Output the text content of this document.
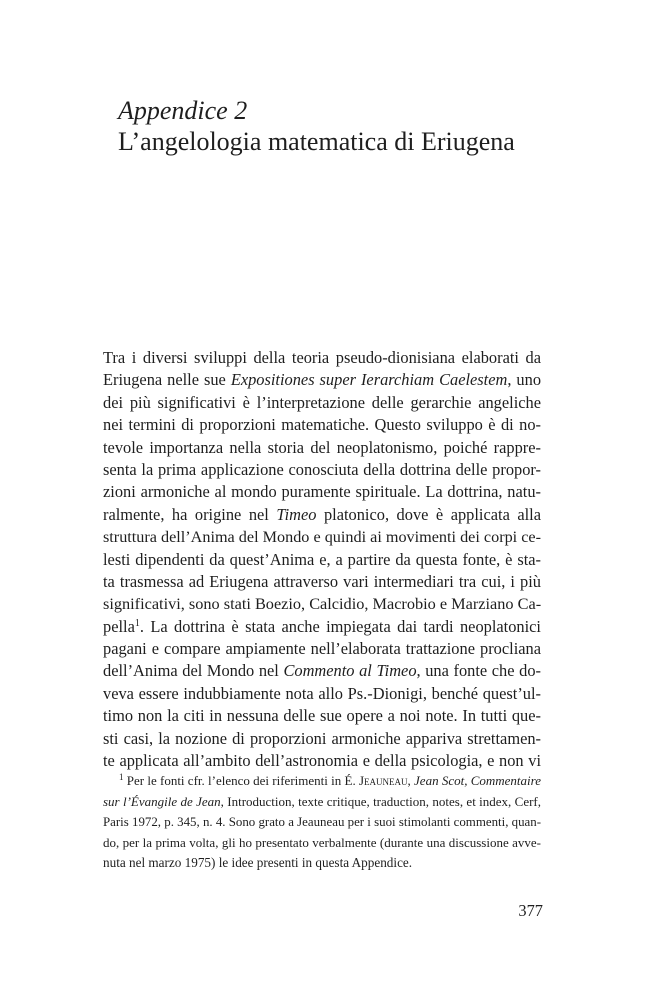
Appendice 2
L’angelologia matematica di Eriugena
Tra i diversi sviluppi della teoria pseudo-dionisiana elaborati da
Eriugena nelle sue Expositiones super Ierarchiam Caelestem, uno
dei più significativi è l’interpretazione delle gerarchie angeliche
nei termini di proporzioni matematiche. Questo sviluppo è di no-
tevole importanza nella storia del neoplatonismo, poiché rappre-
senta la prima applicazione conosciuta della dottrina delle propor-
zioni armoniche al mondo puramente spirituale. La dottrina, natu-
ralmente, ha origine nel Timeo platonico, dove è applicata alla
struttura dell’Anima del Mondo e quindi ai movimenti dei corpi ce-
lesti dipendenti da quest’Anima e, a partire da questa fonte, è sta-
ta trasmessa ad Eriugena attraverso vari intermediari tra cui, i più
significativi, sono stati Boezio, Calcidio, Macrobio e Marziano Ca-
pella$^1$. La dottrina è stata anche impiegata dai tardi neoplatonici
pagani e compare ampiamente nell’elaborata trattazione procliana
dell’Anima del Mondo nel Commento al Timeo, una fonte che do-
veva essere indubbiamente nota allo Ps.-Dionigi, benché quest’ul-
timo non la citi in nessuna delle sue opere a noi note. In tutti que-
sti casi, la nozione di proporzioni armoniche appariva strettamen-
te applicata all’ambito dell’astronomia e della psicologia, e non vi
$^1$ Per le fonti cfr. l’elenco dei riferimenti in É. Jeauneau, Jean Scot, Commentaire
sur l’Évangile de Jean, Introduction, texte critique, traduction, notes, et index, Cerf,
Paris 1972, p. 345, n. 4. Sono grato a Jeauneau per i suoi stimolanti commenti, quan-
do, per la prima volta, gli ho presentato verbalmente (durante una discussione avve-
nuta nel marzo 1975) le idee presenti in questa Appendice.
377
